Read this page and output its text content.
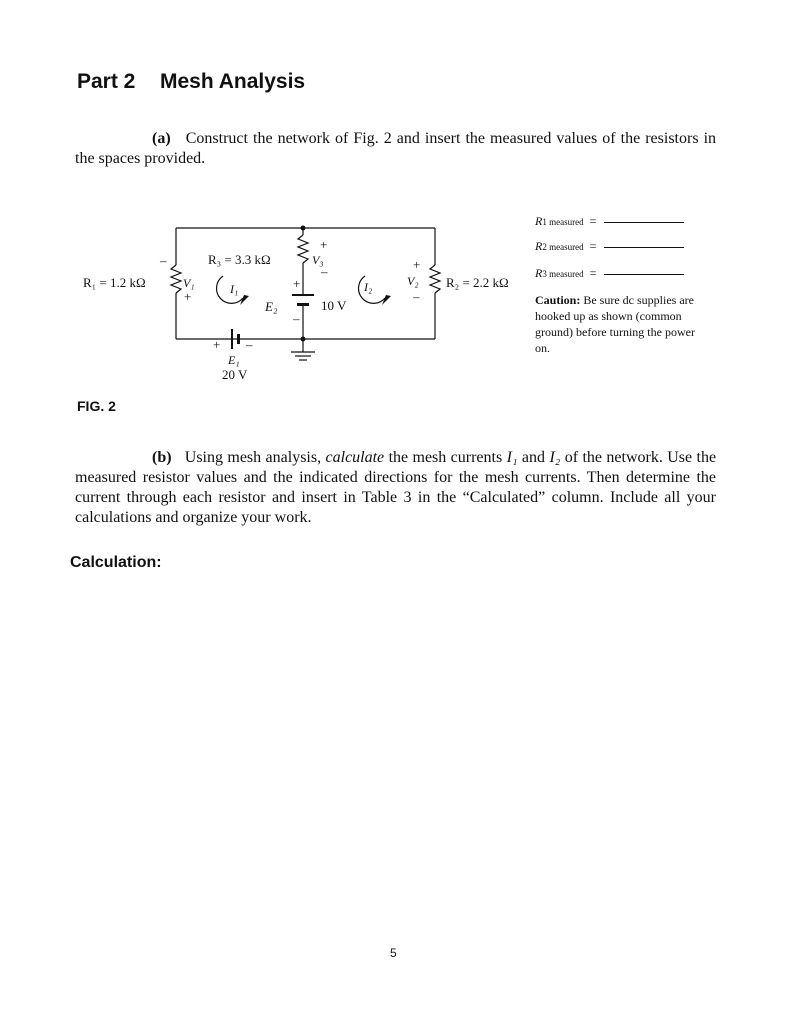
Part 2 Mesh Analysis
(a) Construct the network of Fig. 2 and insert the measured values of the resistors in the spaces provided.
R₁ = 1.2 kΩ	V₁
–
+
R₃ = 3.3 kΩ
+
V₃
–
I₁	+
E₂	10 V
–
I₂
+
V₂
–
R₂ = 2.2 kΩ
+ –
E₁
20 V
R1 measured =
R2 measured =
R3 measured =
Caution: Be sure dc supplies are hooked up as shown (common ground) before turning the power on.
FIG. 2
(b) Using mesh analysis, calculate the mesh currents I₁ and I₂ of the network. Use the measured resistor values and the indicated directions for the mesh currents. Then determine the current through each resistor and insert in Table 3 in the “Calculated” column. Include all your calculations and organize your work.
Calculation:
5
